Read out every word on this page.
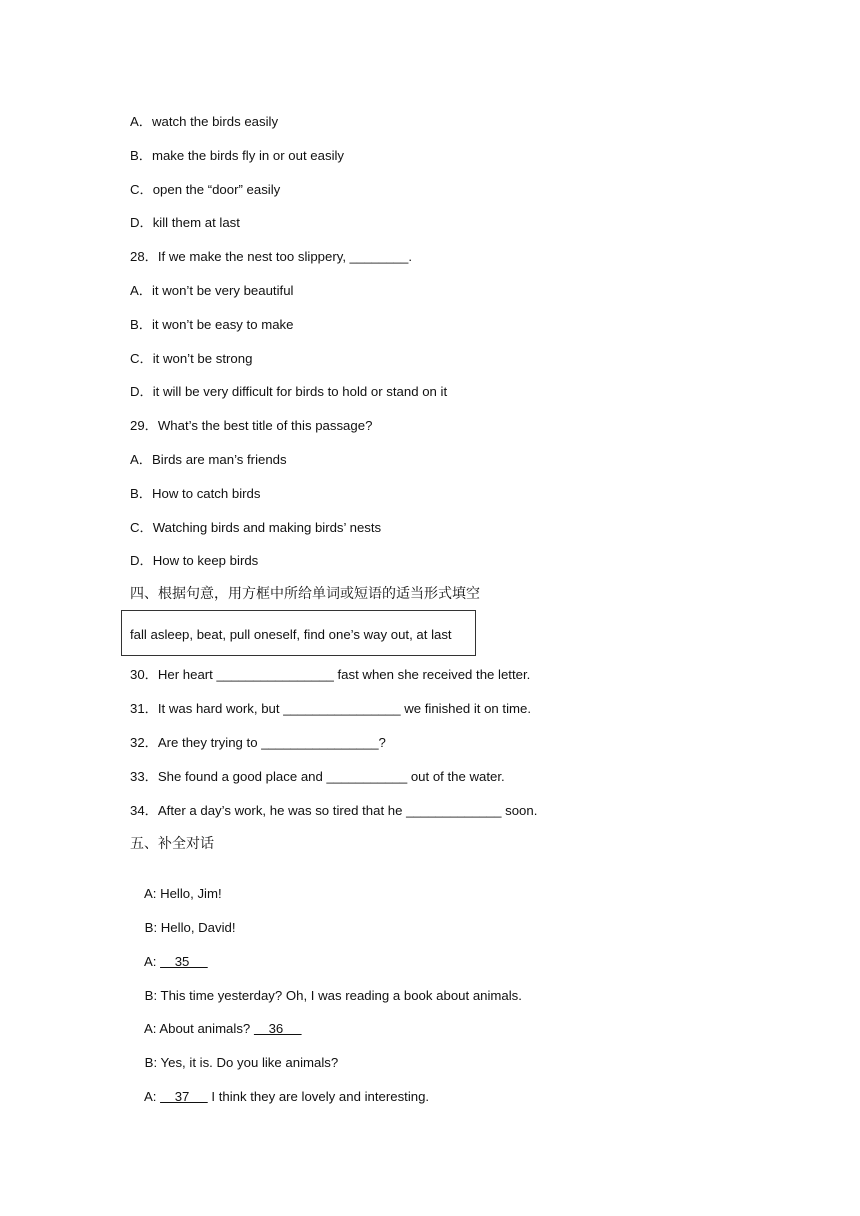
A．watch the birds easily
B．make the birds fly in or out easily
C．open the “door” easily
D．kill them at last
28．If we make the nest too slippery, ________.
A．it won’t be very beautiful
B．it won’t be easy to make
C．it won’t be strong
D．it will be very difficult for birds to hold or stand on it
29．What’s the best title of this passage?
A．Birds are man’s friends
B．How to catch birds
C．Watching birds and making birds’ nests
D．How to keep birds
四、根据句意，用方框中所给单词或短语的适当形式填空
fall asleep, beat, pull oneself, find one’s way out, at last
30．Her heart ________________ fast when she received the letter.
31．It was hard work, but ________________ we finished it on time.
32．Are they trying to ________________?
33．She found a good place and ___________ out of the water.
34．After a day’s work, he was so tired that he _____________ soon.
五、补全对话

A: Hello, Jim!

B: Hello, David!

A:     35

B: This time yesterday? Oh, I was reading a book about animals.

A: About animals?     36

B: Yes, it is. Do you like animals?

A:     37      I think they are lovely and interesting.
